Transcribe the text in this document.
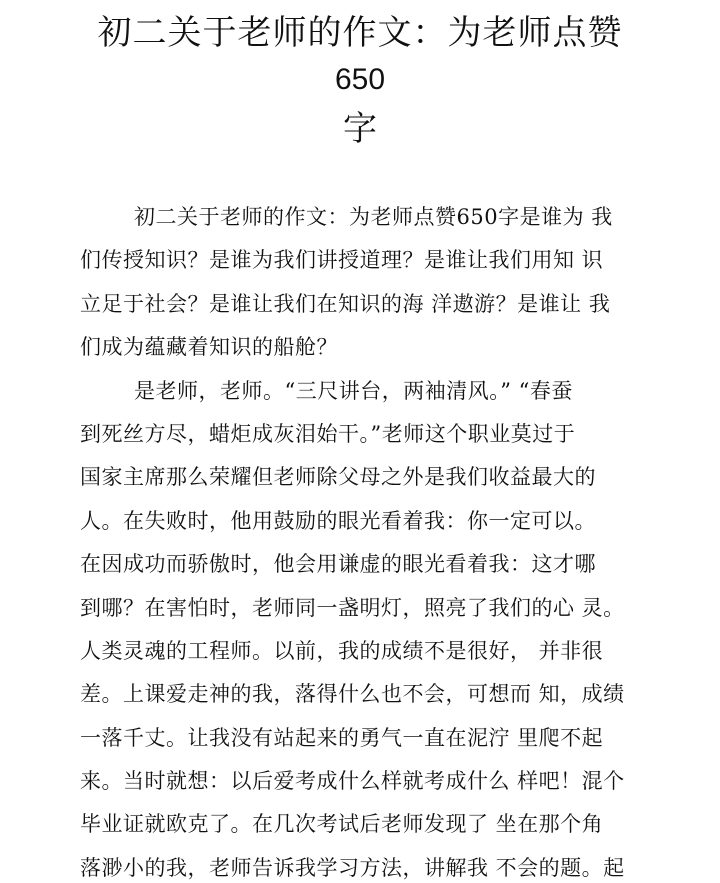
初二关于老师的作文：为老师点赞
650
字
初二关于老师的作文：为老师点赞650字是谁为 我
们传授知识？是谁为我们讲授道理？是谁让我们用知 识
立足于社会？是谁让我们在知识的海 洋遨游？是谁让 我
们成为蕴藏着知识的船舱？
是老师，老师。“三尺讲台，两袖清风。” “春蚕
到死丝方尽，蜡炬成灰泪始干。”老师这个职业莫过于
国家主席那么荣耀但老师除父母之外是我们收益最大的
人。在失败时，他用鼓励的眼光看着我：你一定可以。
在因成功而骄傲时，他会用谦虚的眼光看着我：这才哪
到哪？在害怕时，老师同一盏明灯，照亮了我们的心 灵。
人类灵魂的工程师。以前，我的成绩不是很好， 并非很
差。上课爱走神的我，落得什么也不会，可想而 知，成绩
一落千丈。让我没有站起来的勇气一直在泥泞 里爬不起
来。当时就想：以后爱考成什么样就考成什么 样吧！混个
毕业证就欧克了。在几次考试后老师发现了 坐在那个角
落渺小的我，老师告诉我学习方法，讲解我 不会的题。起
